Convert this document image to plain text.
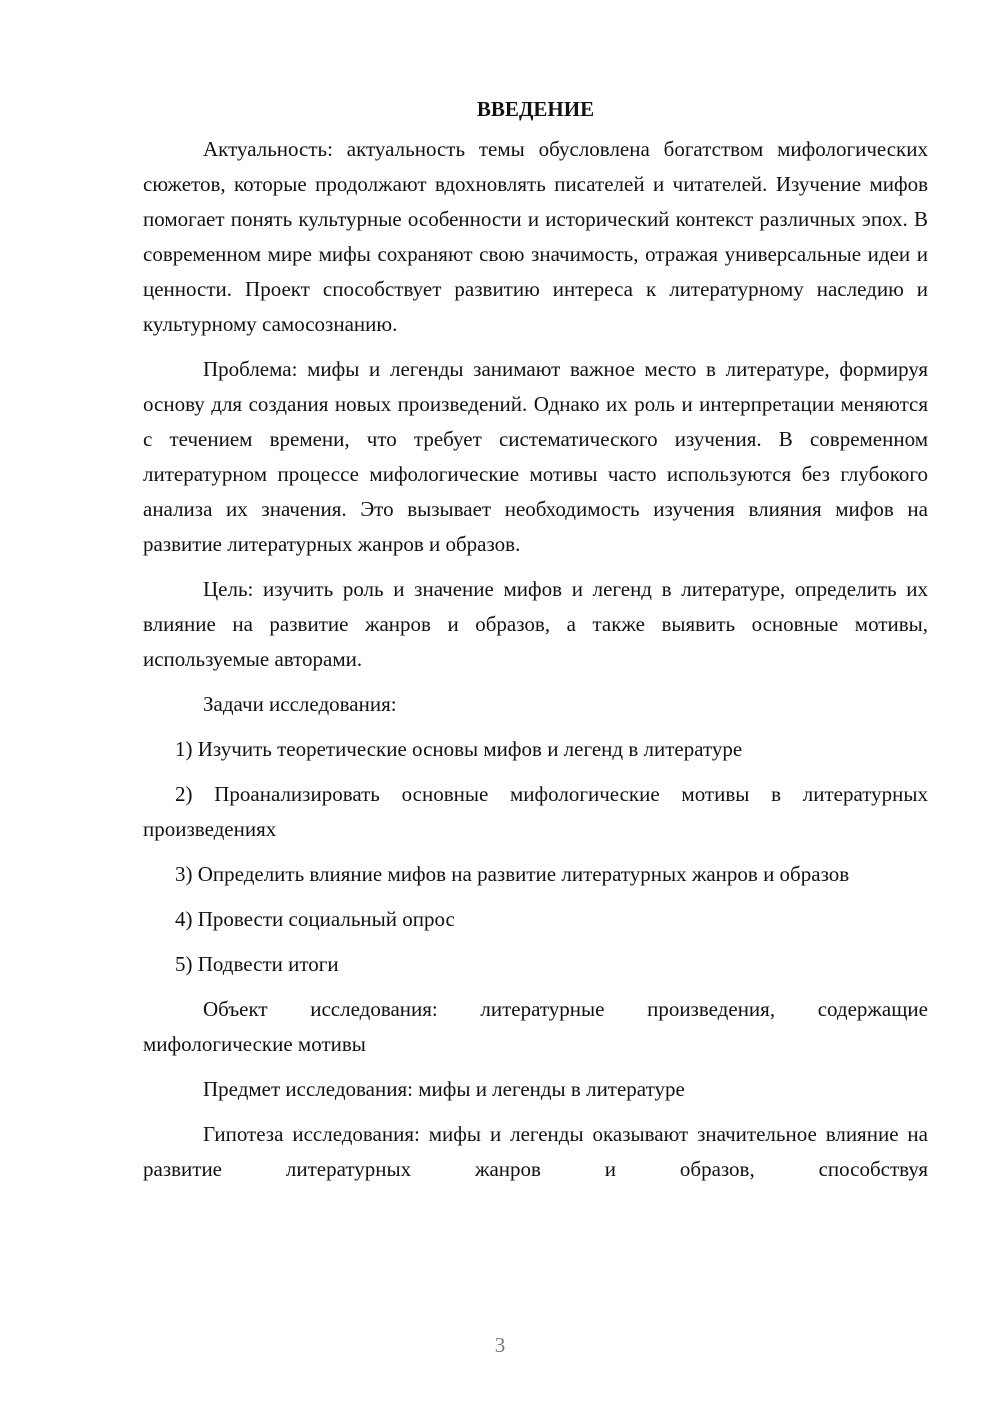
ВВЕДЕНИЕ

Актуальность: актуальность темы обусловлена богатством мифологических сюжетов, которые продолжают вдохновлять писателей и читателей. Изучение мифов помогает понять культурные особенности и исторический контекст различных эпох. В современном мире мифы сохраняют свою значимость, отражая универсальные идеи и ценности. Проект способствует развитию интереса к литературному наследию и культурному самосознанию.

Проблема: мифы и легенды занимают важное место в литературе, формируя основу для создания новых произведений. Однако их роль и интерпретации меняются с течением времени, что требует систематического изучения. В современном литературном процессе мифологические мотивы часто используются без глубокого анализа их значения. Это вызывает необходимость изучения влияния мифов на развитие литературных жанров и образов.

Цель: изучить роль и значение мифов и легенд в литературе, определить их влияние на развитие жанров и образов, а также выявить основные мотивы, используемые авторами.

Задачи исследования:

1) Изучить теоретические основы мифов и легенд в литературе

2) Проанализировать основные мифологические мотивы в литературных произведениях

3) Определить влияние мифов на развитие литературных жанров и образов

4) Провести социальный опрос

5) Подвести итоги

Объект исследования: литературные произведения, содержащие мифологические мотивы

Предмет исследования: мифы и легенды в литературе

Гипотеза исследования: мифы и легенды оказывают значительное влияние на развитие литературных жанров и образов, способствуя

3
